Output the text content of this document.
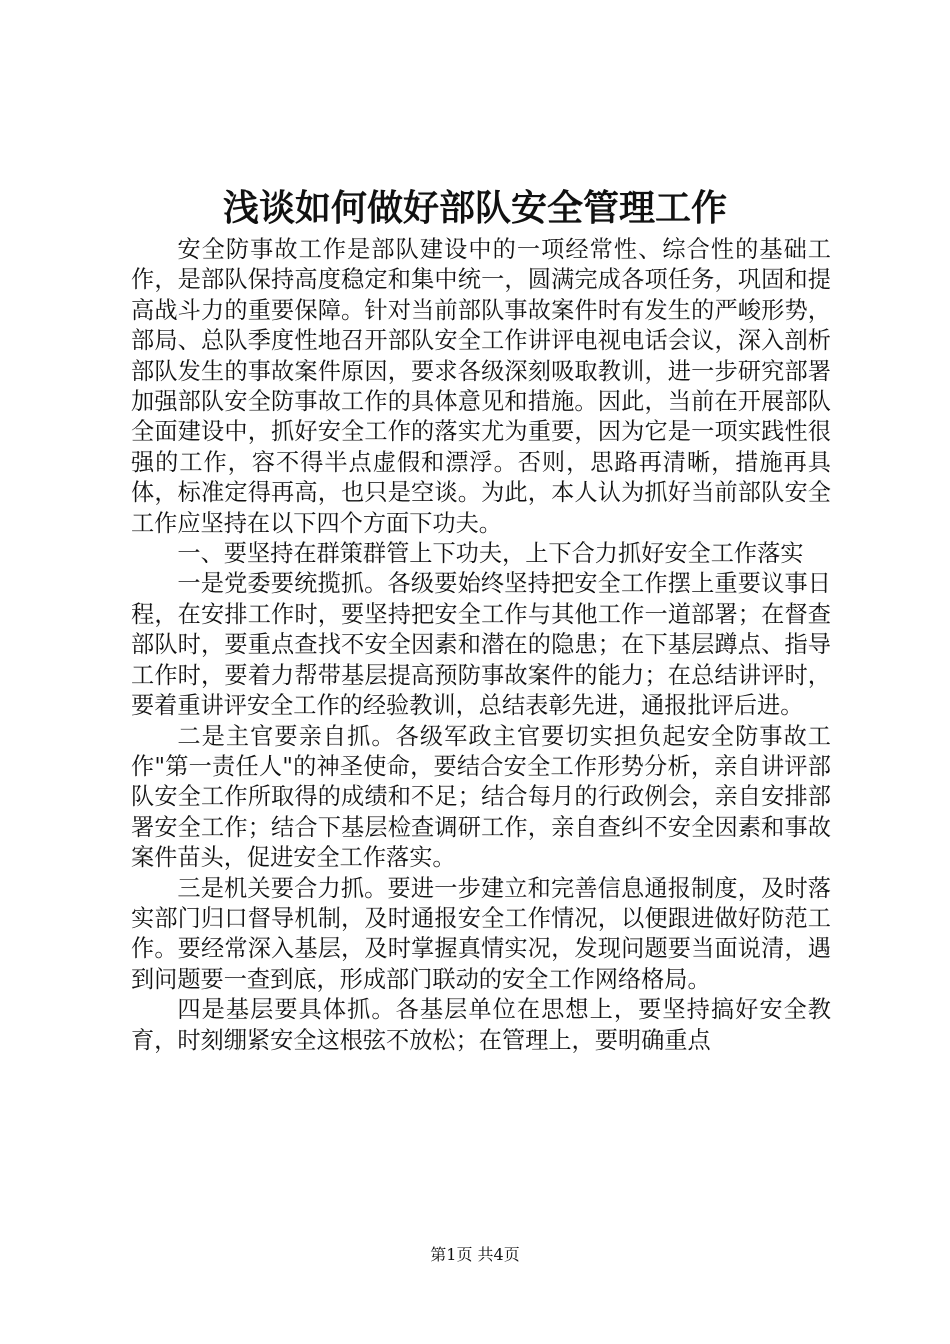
浅谈如何做好部队安全管理工作

安全防事故工作是部队建设中的一项经常性、综合性的基础工作，是部队保持高度稳定和集中统一，圆满完成各项任务，巩固和提高战斗力的重要保障。针对当前部队事故案件时有发生的严峻形势，部局、总队季度性地召开部队安全工作讲评电视电话会议，深入剖析部队发生的事故案件原因，要求各级深刻吸取教训，进一步研究部署加强部队安全防事故工作的具体意见和措施。因此，当前在开展部队全面建设中，抓好安全工作的落实尤为重要，因为它是一项实践性很强的工作，容不得半点虚假和漂浮。否则，思路再清晰，措施再具体，标准定得再高，也只是空谈。为此，本人认为抓好当前部队安全工作应坚持在以下四个方面下功夫。

一、要坚持在群策群管上下功夫，上下合力抓好安全工作落实

一是党委要统揽抓。各级要始终坚持把安全工作摆上重要议事日程，在安排工作时，要坚持把安全工作与其他工作一道部署；在督查部队时，要重点查找不安全因素和潜在的隐患；在下基层蹲点、指导工作时，要着力帮带基层提高预防事故案件的能力；在总结讲评时，要着重讲评安全工作的经验教训，总结表彰先进，通报批评后进。

二是主官要亲自抓。各级军政主官要切实担负起安全防事故工作"第一责任人"的神圣使命，要结合安全工作形势分析，亲自讲评部队安全工作所取得的成绩和不足；结合每月的行政例会，亲自安排部署安全工作；结合下基层检查调研工作，亲自查纠不安全因素和事故案件苗头，促进安全工作落实。

三是机关要合力抓。要进一步建立和完善信息通报制度，及时落实部门归口督导机制，及时通报安全工作情况，以便跟进做好防范工作。要经常深入基层，及时掌握真情实况，发现问题要当面说清，遇到问题要一查到底，形成部门联动的安全工作网络格局。

四是基层要具体抓。各基层单位在思想上，要坚持搞好安全教育，时刻绷紧安全这根弦不放松；在管理上，要明确重点

第1页 共4页
